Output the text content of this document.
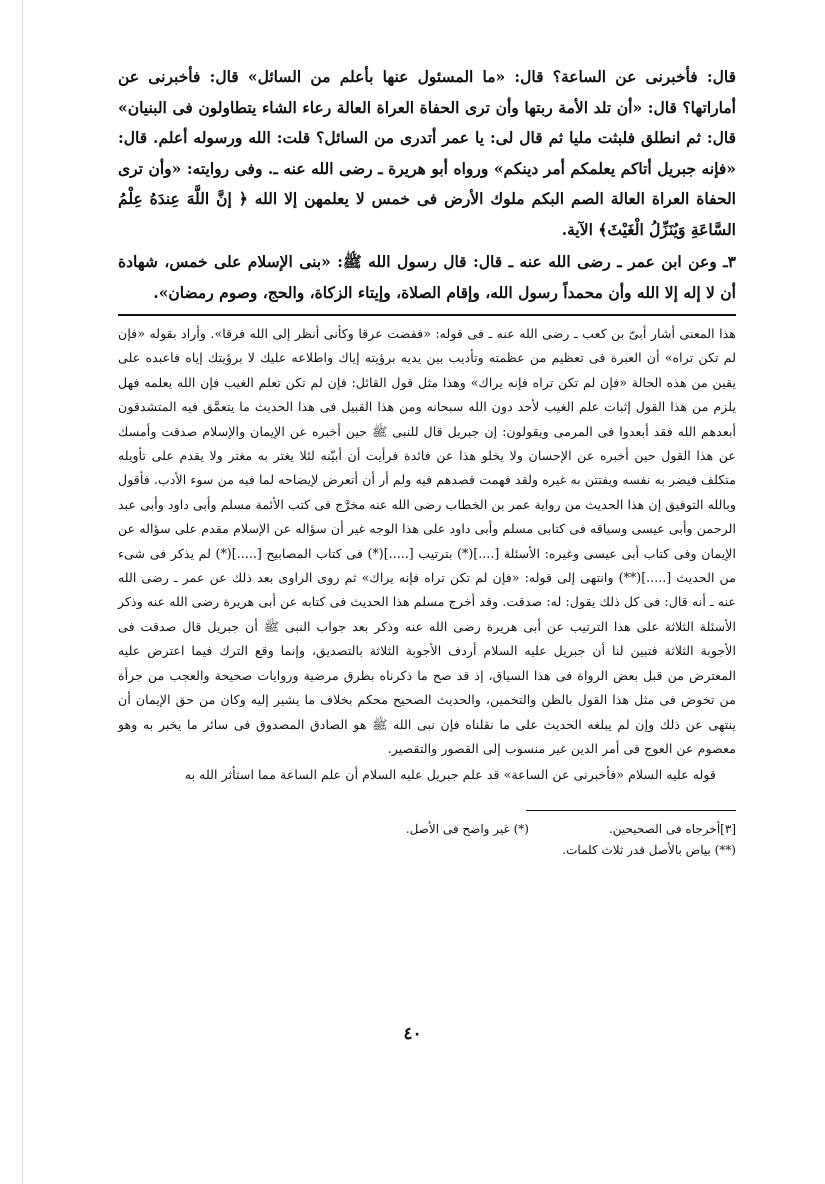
قال: فأخبرنى عن الساعة؟ قال: «ما المسئول عنها بأعلم من السائل» قال: فأخبرنى عن أماراتها؟ قال: «أن تلد الأمة ربتها وأن ترى الحفاة العراة العالة رعاء الشاء يتطاولون فى البنيان» قال: ثم انطلق فلبثت مليا ثم قال لى: يا عمر أتدرى من السائل؟ قلت: الله ورسوله أعلم. قال: «فإنه جبريل أتاكم يعلمكم أمر دينكم» ورواه أبو هريرة ـ رضى الله عنه ـ. وفى روايته: «وأن ترى الحفاة العراة العالة الصم البكم ملوك الأرض فى خمس لا يعلمهن إلا الله ﴿ إنَّ اللَّهَ عِندَهُ عِلْمُ السَّاعَةِ وَيُنَزِّلُ الْغَيْثَ﴾ الآية.

٣ـ وعن ابن عمر ـ رضى الله عنه ـ قال: قال رسول الله ﷺ: «بنى الإسلام على خمس، شهادة أن لا إله إلا الله وأن محمداً رسول الله، وإقام الصلاة، وإيتاء الزكاة، والحج، وصوم رمضان».

هذا المعنى أشار أبىّ بن كعب ـ رضى الله عنه ـ فى قوله: «ففضت عرقا وكأنى أنظر إلى الله فرقا». وأراد بقوله «فإن لم تكن تراه» أن العبرة فى تعظيم من عظمته وتأديب بين يديه برؤيته إياك واطلاعه عليك لا برؤيتك إياه فاعبده على يقين من هذه الحالة «فإن لم تكن تراه فإنه يراك» وهذا مثل قول القائل: فإن لم تكن تعلم الغيب فإن الله يعلمه فهل يلزم من هذا القول إثبات علم الغيب لأحد دون الله سبحانه ومن هذا القبيل فى هذا الحديث ما يتعمَّق فيه المتشدقون أبعدهم الله فقد أبعدوا فى المرمى ويقولون: إن جبريل قال للنبى ﷺ حين أخبره عن الإيمان والإسلام صدقت وأمسك عن هذا القول حين أخبره عن الإحسان ولا يخلو هذا عن فائدة فرأيت أن أبيّنه لئلا يغتر به مغتر ولا يقدم على تأويله متكلف فيضر به نفسه ويفتتن به غيره ولقد فهمت قصدهم فيه ولم أر أن أتعرض لإيضاحه لما فيه من سوء الأدب. فأقول وبالله التوفيق إن هذا الحديث من رواية عمر بن الخطاب رضى الله عنه مخرَّج فى كتب الأئمة مسلم وأبى داود وأبى عبد الرحمن وأبى عيسى وسياقه فى كتابى مسلم وأبى داود على هذا الوجه غير أن سؤاله عن الإسلام مقدم على سؤاله عن الإيمان وفى كتاب أبى عيسى وغيره: الأسئلة [....](*) بترتيب [.....](*) فى كتاب المصابيح [.....](*) لم يذكر فى شىء من الحديث [.....](**) وانتهى إلى قوله: «فإن لم تكن تراه فإنه يراك» ثم روى الراوى بعد ذلك عن عمر ـ رضى الله عنه ـ أنه قال: فى كل ذلك يقول: له: صدقت. وقد أخرج مسلم هذا الحديث فى كتابه عن أبى هريرة رضى الله عنه وذكر الأسئلة الثلاثة على هذا الترتيب عن أبى هريرة رضى الله عنه وذكر بعد جواب النبى ﷺ أن جبريل قال صدقت فى الأجوبة الثلاثة فتبين لنا أن جبريل عليه السلام أردف الأجوبة الثلاثة بالتصديق، وإنما وقع الترك فيما اعترض عليه المعترض من قبل بعض الرواة فى هذا السياق، إذ قد صح ما ذكرناه بطرق مرضية وروايات صحيحة والعجب من جرأة من تخوض فى مثل هذا القول بالظن والتخمين، والحديث الصحيح محكم بخلاف ما يشير إليه وكان من حق الإيمان أن ينتهى عن ذلك وإن لم يبلغه الحديث على ما نقلناه فإن نبى الله ﷺ هو الصادق المصدوق فى سائر ما يخبر به وهو معصوم عن العوج فى أمر الدين غير منسوب إلى القصور والتقصير.

قوله عليه السلام «فأخبرنى عن الساعة» قد علم جبريل عليه السلام أن علم الساعة مما استأثر الله به

[٣]أخرجاه فى الصحيحين.

(*) غير واضح فى الأصل.

(**) بياض بالأصل قدر ثلاث كلمات.

٤٠
